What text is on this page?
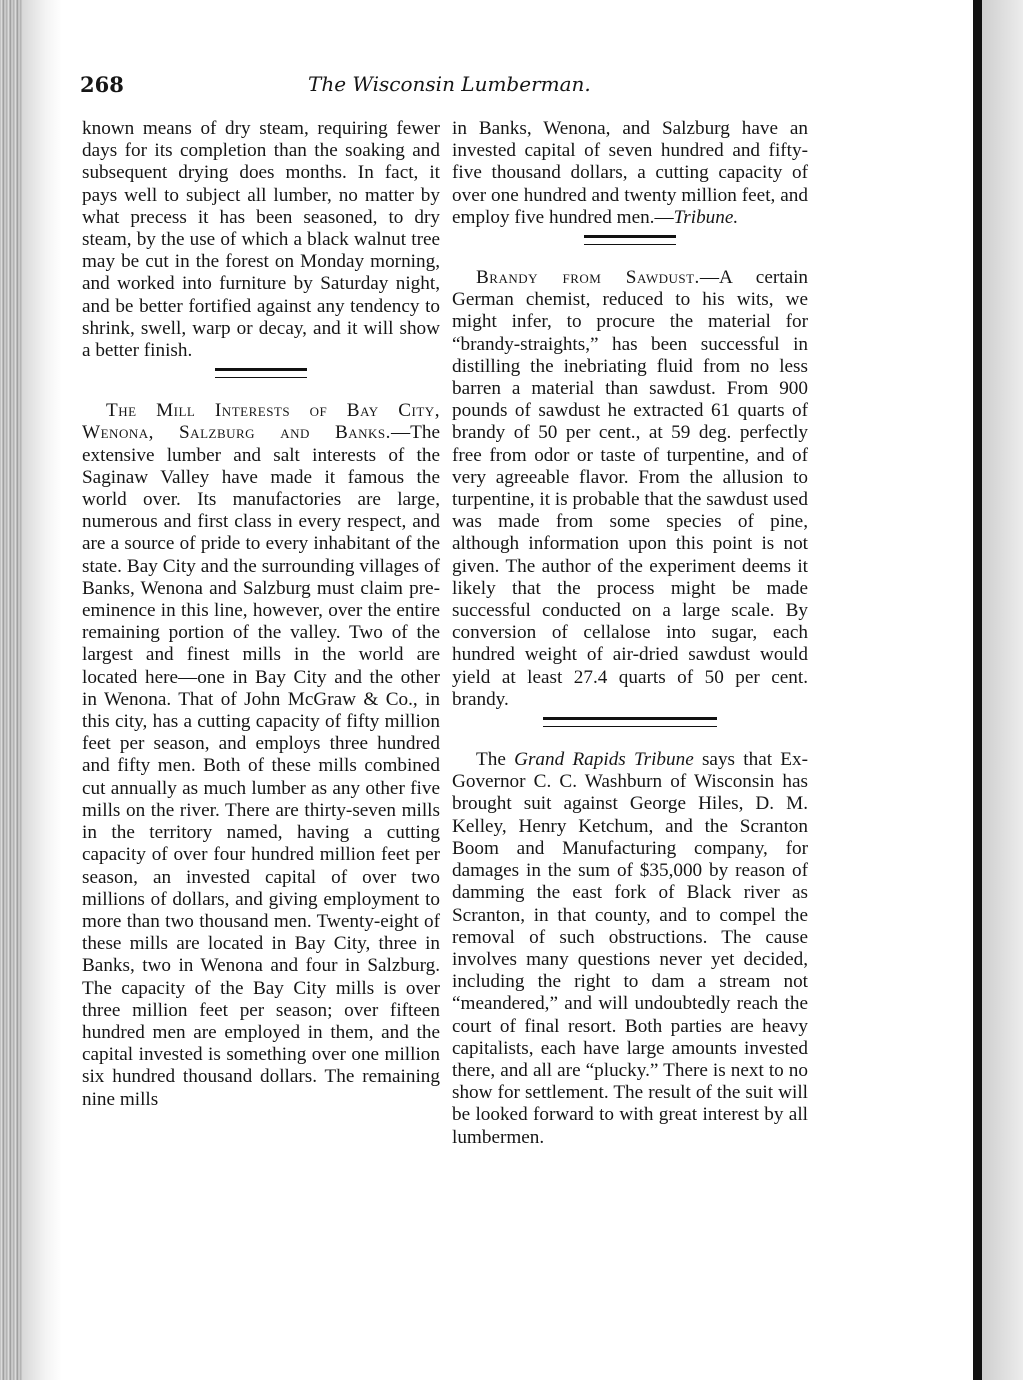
268	The Wisconsin Lumberman.

known means of dry steam, requiring fewer days for its completion than the soaking and subsequent drying does months. In fact, it pays well to subject all lumber, no matter by what precess it has been seasoned, to dry steam, by the use of which a black walnut tree may be cut in the forest on Monday morning, and worked into furniture by Saturday night, and be better fortified against any tendency to shrink, swell, warp or decay, and it will show a better finish.

The Mill Interests of Bay City, Wenona, Salzburg and Banks.—The extensive lumber and salt interests of the Saginaw Valley have made it famous the world over. Its manufactories are large, numerous and first class in every respect, and are a source of pride to every inhabitant of the state. Bay City and the surrounding villages of Banks, Wenona and Salzburg must claim pre-eminence in this line, however, over the entire remaining portion of the valley. Two of the largest and finest mills in the world are located here—one in Bay City and the other in Wenona. That of John McGraw & Co., in this city, has a cutting capacity of fifty million feet per season, and employs three hundred and fifty men. Both of these mills combined cut annually as much lumber as any other five mills on the river. There are thirty-seven mills in the territory named, having a cutting capacity of over four hundred million feet per season, an invested capital of over two millions of dollars, and giving employment to more than two thousand men. Twenty-eight of these mills are located in Bay City, three in Banks, two in Wenona and four in Salzburg. The capacity of the Bay City mills is over three million feet per season; over fifteen hundred men are employed in them, and the capital invested is something over one million six hundred thousand dollars. The remaining nine mills

in Banks, Wenona, and Salzburg have an invested capital of seven hundred and fifty-five thousand dollars, a cutting capacity of over one hundred and twenty million feet, and employ five hundred men.—Tribune.

Brandy from Sawdust.—A certain German chemist, reduced to his wits, we might infer, to procure the material for “brandy-straights,” has been successful in distilling the inebriating fluid from no less barren a material than sawdust. From 900 pounds of sawdust he extracted 61 quarts of brandy of 50 per cent., at 59 deg. perfectly free from odor or taste of turpentine, and of very agreeable flavor. From the allusion to turpentine, it is probable that the sawdust used was made from some species of pine, although information upon this point is not given. The author of the experiment deems it likely that the process might be made successful conducted on a large scale. By conversion of cellalose into sugar, each hundred weight of air-dried sawdust would yield at least 27.4 quarts of 50 per cent. brandy.

The Grand Rapids Tribune says that Ex-Governor C. C. Washburn of Wisconsin has brought suit against George Hiles, D. M. Kelley, Henry Ketchum, and the Scranton Boom and Manufacturing company, for damages in the sum of $35,000 by reason of damming the east fork of Black river as Scranton, in that county, and to compel the removal of such obstructions. The cause involves many questions never yet decided, including the right to dam a stream not “meandered,” and will undoubtedly reach the court of final resort. Both parties are heavy capitalists, each have large amounts invested there, and all are “plucky.” There is next to no show for settlement. The result of the suit will be looked forward to with great interest by all lumbermen.
